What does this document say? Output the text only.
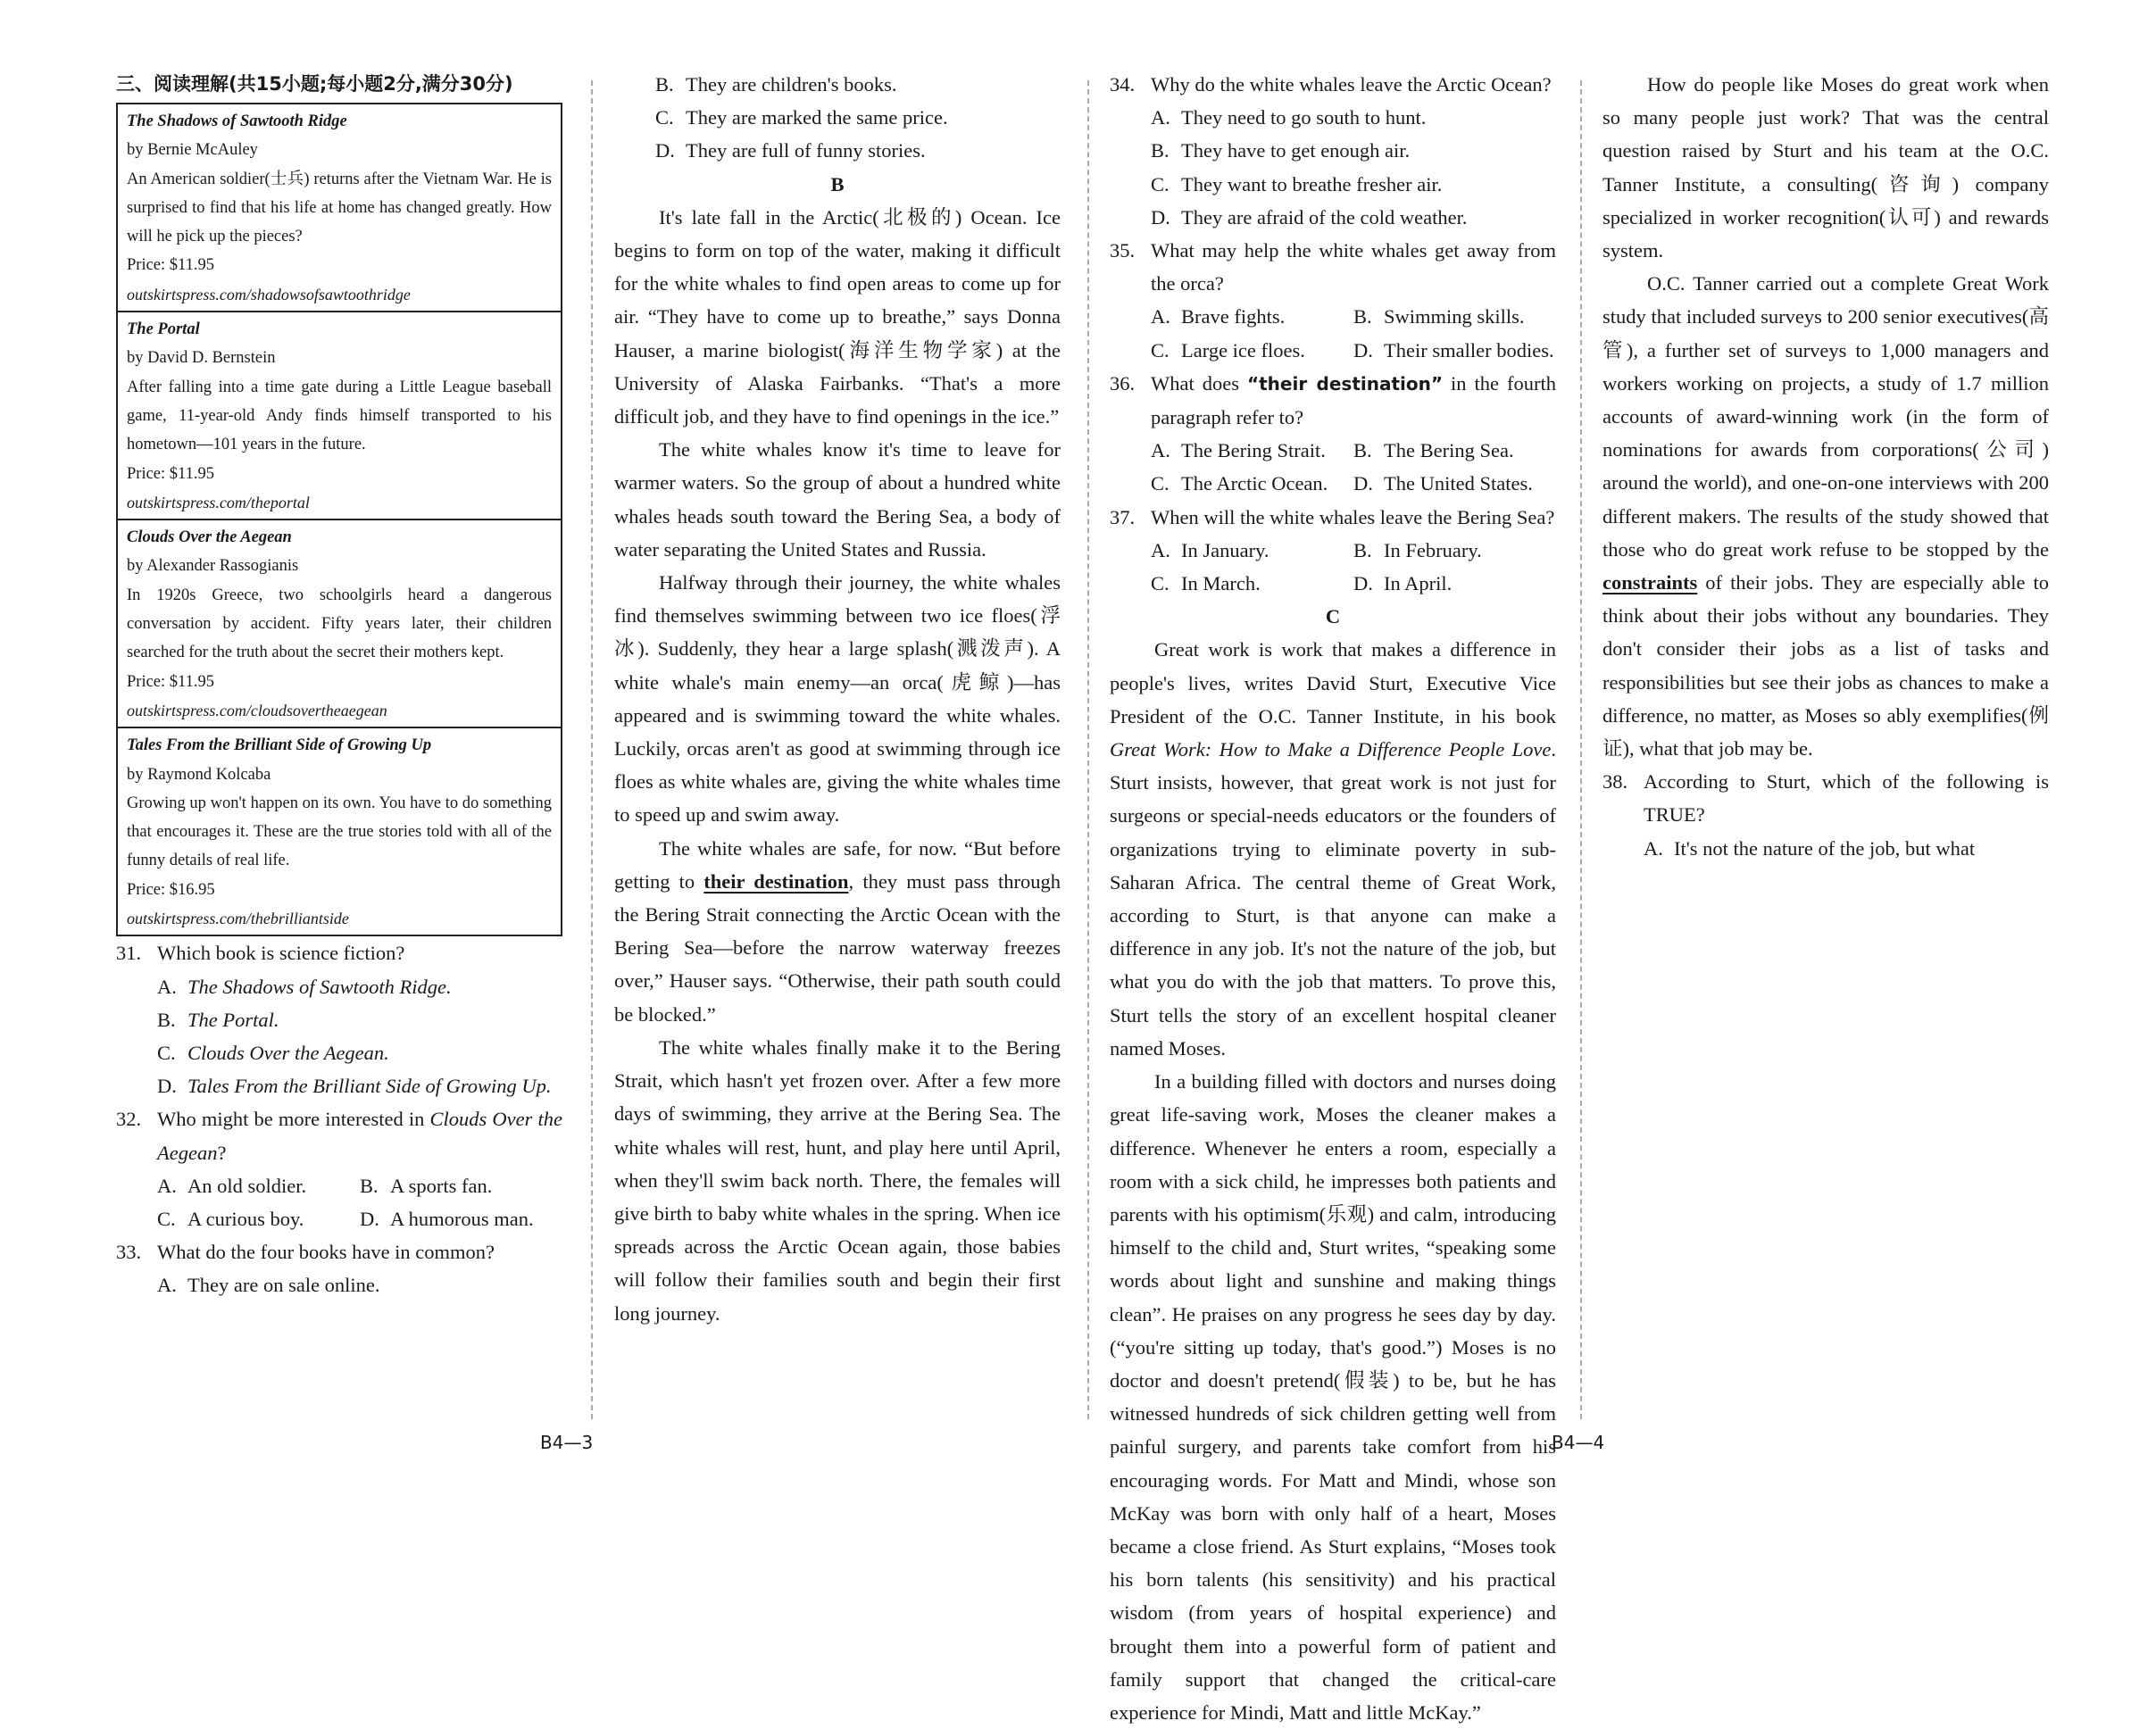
三、阅读理解(共15小题;每小题2分,满分30分)
The Shadows of Sawtooth Ridge
by Bernie McAuley
An American soldier(士兵) returns after the Vietnam War. He is surprised to find that his life at home has changed greatly. How will he pick up the pieces?
Price: $11.95
outskirtspress.com/shadowsofsawtoothridge
The Portal
by David D. Bernstein
After falling into a time gate during a Little League baseball game, 11-year-old Andy finds himself transported to his hometown—101 years in the future.
Price: $11.95
outskirtspress.com/theportal
Clouds Over the Aegean
by Alexander Rassogianis
In 1920s Greece, two schoolgirls heard a dangerous conversation by accident. Fifty years later, their children searched for the truth about the secret their mothers kept.
Price: $11.95
outskirtspress.com/cloudsovertheaegean
Tales From the Brilliant Side of Growing Up
by Raymond Kolcaba
Growing up won't happen on its own. You have to do something that encourages it. These are the true stories told with all of the funny details of real life.
Price: $16.95
outskirtspress.com/thebrilliantside

31. Which book is science fiction?

A. The Shadows of Sawtooth Ridge.

B. The Portal.

C. Clouds Over the Aegean.

D. Tales From the Brilliant Side of Growing Up.

32. Who might be more interested in Clouds Over the Aegean?

A. An old soldier.	B. A sports fan.
C. A curious boy.	D. A humorous man.

33. What do the four books have in common?

A. They are on sale online.

B. They are children's books.

C. They are marked the same price.

D. They are full of funny stories.

B

It's late fall in the Arctic(北极的) Ocean. Ice begins to form on top of the water, making it difficult for the white whales to find open areas to come up for air. “They have to come up to breathe,” says Donna Hauser, a marine biologist(海洋生物学家) at the University of Alaska Fairbanks. “That's a more difficult job, and they have to find openings in the ice.”

The white whales know it's time to leave for warmer waters. So the group of about a hundred white whales heads south toward the Bering Sea, a body of water separating the United States and Russia.

Halfway through their journey, the white whales find themselves swimming between two ice floes(浮冰). Suddenly, they hear a large splash(溅泼声). A white whale's main enemy—an orca(虎鲸)—has appeared and is swimming toward the white whales. Luckily, orcas aren't as good at swimming through ice floes as white whales are, giving the white whales time to speed up and swim away.

The white whales are safe, for now. “But before getting to their destination, they must pass through the Bering Strait connecting the Arctic Ocean with the Bering Sea—before the narrow waterway freezes over,” Hauser says. “Otherwise, their path south could be blocked.”

The white whales finally make it to the Bering Strait, which hasn't yet frozen over. After a few more days of swimming, they arrive at the Bering Sea. The white whales will rest, hunt, and play here until April, when they'll swim back north. There, the females will give birth to baby white whales in the spring. When ice spreads across the Arctic Ocean again, those babies will follow their families south and begin their first long journey.

B4—3

34. Why do the white whales leave the Arctic Ocean?

A. They need to go south to hunt.

B. They have to get enough air.

C. They want to breathe fresher air.

D. They are afraid of the cold weather.

35. What may help the white whales get away from the orca?

A. Brave fights.	B. Swimming skills.
C. Large ice floes.	D. Their smaller bodies.

36. What does “their destination” in the fourth paragraph refer to?

A. The Bering Strait.	B. The Bering Sea.
C. The Arctic Ocean.	D. The United States.

37. When will the white whales leave the Bering Sea?

A. In January.	B. In February.
C. In March.	D. In April.

C

Great work is work that makes a difference in people's lives, writes David Sturt, Executive Vice President of the O.C. Tanner Institute, in his book Great Work: How to Make a Difference People Love. Sturt insists, however, that great work is not just for surgeons or special-needs educators or the founders of organizations trying to eliminate poverty in sub-Saharan Africa. The central theme of Great Work, according to Sturt, is that anyone can make a difference in any job. It's not the nature of the job, but what you do with the job that matters. To prove this, Sturt tells the story of an excellent hospital cleaner named Moses.

In a building filled with doctors and nurses doing great life-saving work, Moses the cleaner makes a difference. Whenever he enters a room, especially a room with a sick child, he impresses both patients and parents with his optimism(乐观) and calm, introducing himself to the child and, Sturt writes, “speaking some words about light and sunshine and making things clean”. He praises on any progress he sees day by day. (“you're sitting up today, that's good.”) Moses is no doctor and doesn't pretend(假装) to be, but he has witnessed hundreds of sick children getting well from painful surgery, and parents take comfort from his encouraging words. For Matt and Mindi, whose son McKay was born with only half of a heart, Moses became a close friend. As Sturt explains, “Moses took his born talents (his sensitivity) and his practical wisdom (from years of hospital experience) and brought them into a powerful form of patient and family support that changed the critical-care experience for Mindi, Matt and little McKay.”

B4—4

How do people like Moses do great work when so many people just work? That was the central question raised by Sturt and his team at the O.C. Tanner Institute, a consulting(咨询) company specialized in worker recognition(认可) and rewards system.

O.C. Tanner carried out a complete Great Work study that included surveys to 200 senior executives(高管), a further set of surveys to 1,000 managers and workers working on projects, a study of 1.7 million accounts of award-winning work (in the form of nominations for awards from corporations(公司) around the world), and one-on-one interviews with 200 different makers. The results of the study showed that those who do great work refuse to be stopped by the constraints of their jobs. They are especially able to think about their jobs without any boundaries. They don't consider their jobs as a list of tasks and responsibilities but see their jobs as chances to make a difference, no matter, as Moses so ably exemplifies(例证), what that job may be.

38. According to Sturt, which of the following is TRUE?

A. It's not the nature of the job, but what
